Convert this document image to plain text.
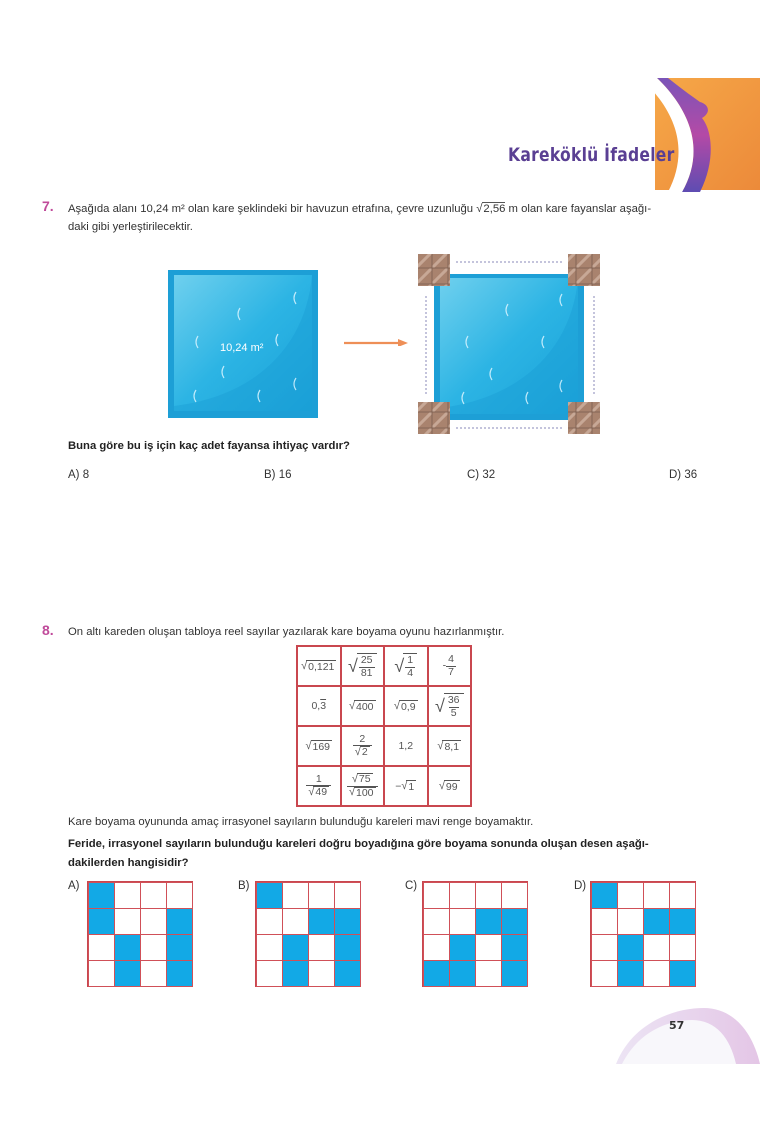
Kareköklü İfadeler
7. Aşağıda alanı 10,24 m² olan kare şeklindeki bir havuzun etrafına, çevre uzunluğu √2,56 m olan kare fayanslar aşağı-
daki gibi yerleştirilecektir.
10,24 m²
Buna göre bu iş için kaç adet fayansa ihtiyaç vardır?
A) 8	B) 16	C) 32	D) 36
8. On altı kareden oluşan tabloya reel sayılar yazılarak kare boyama oyunu hazırlanmıştır.
√ 0,121	√ $\frac{25}{81}$	√ $\frac{1}{4}$	- $\frac{4}{7}$

0,3	√ 400	√ 0,9	√ $\frac{36}{5}$

√ 169	$\frac{2}{√ 2}$	1,2	√ 8,1

$\frac{1}{√ 49}$	$\frac{√ 75}{√ 100}$	− √ 1	√ 99
Kare boyama oyununda amaç irrasyonel sayıların bulunduğu kareleri mavi renge boyamaktır.
Feride, irrasyonel sayıların bulunduğu kareleri doğru boyadığına göre boyama sonunda oluşan desen aşağı-
dakilerden hangisidir?
A)	B)	C)	D)
57
